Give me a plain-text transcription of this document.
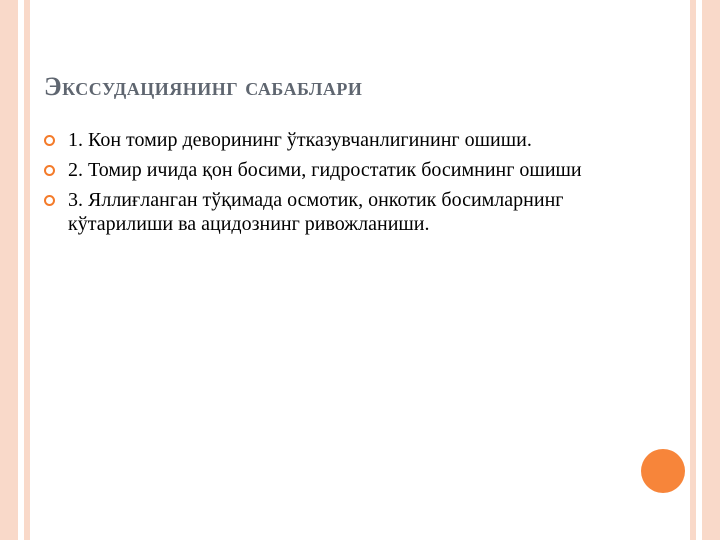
Экссудациянинг сабаблари
1. Кон томир деворининг ўтказувчанлигининг ошиши.
2. Томир ичида қон босими, гидростатик босимнинг ошиши
3. Яллиғланган тўқимада осмотик, онкотик босимларнинг кўтарилиши ва ацидознинг ривожланиши.
